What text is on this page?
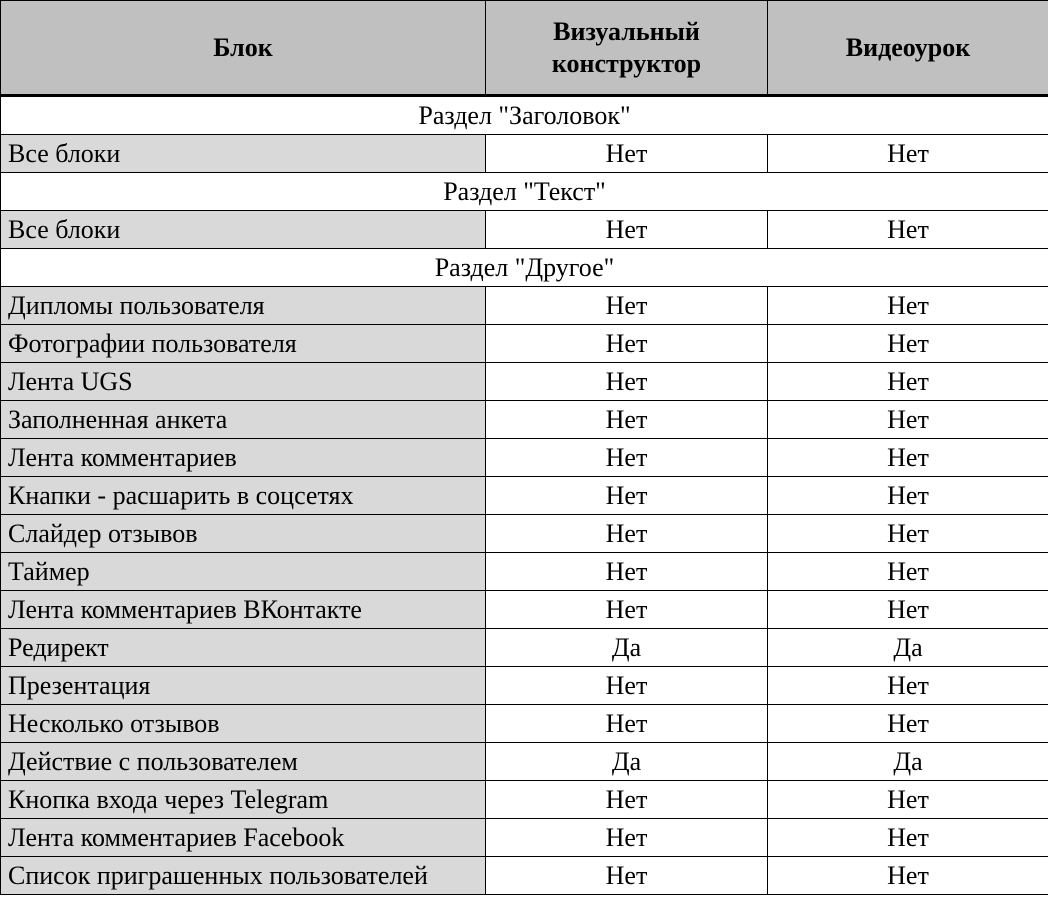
Блок	Визуальный конструктор	Видеоурок
Раздел "Заголовок"		
Все блоки	Нет	Нет
Раздел "Текст"		
Все блоки	Нет	Нет
Раздел "Другое"		
Дипломы пользователя	Нет	Нет
Фотографии пользователя	Нет	Нет
Лента UGS	Нет	Нет
Заполненная анкета	Нет	Нет
Лента комментариев	Нет	Нет
Кнапки - расшарить в соцсетях	Нет	Нет
Слайдер отзывов	Нет	Нет
Таймер	Нет	Нет
Лента комментариев ВКонтакте	Нет	Нет
Редирект	Да	Да
Презентация	Нет	Нет
Несколько отзывов	Нет	Нет
Действие с пользователем	Да	Да
Кнопка входа через Telegram	Нет	Нет
Лента комментариев Facebook	Нет	Нет
Список приграшенных пользователей	Нет	Нет
